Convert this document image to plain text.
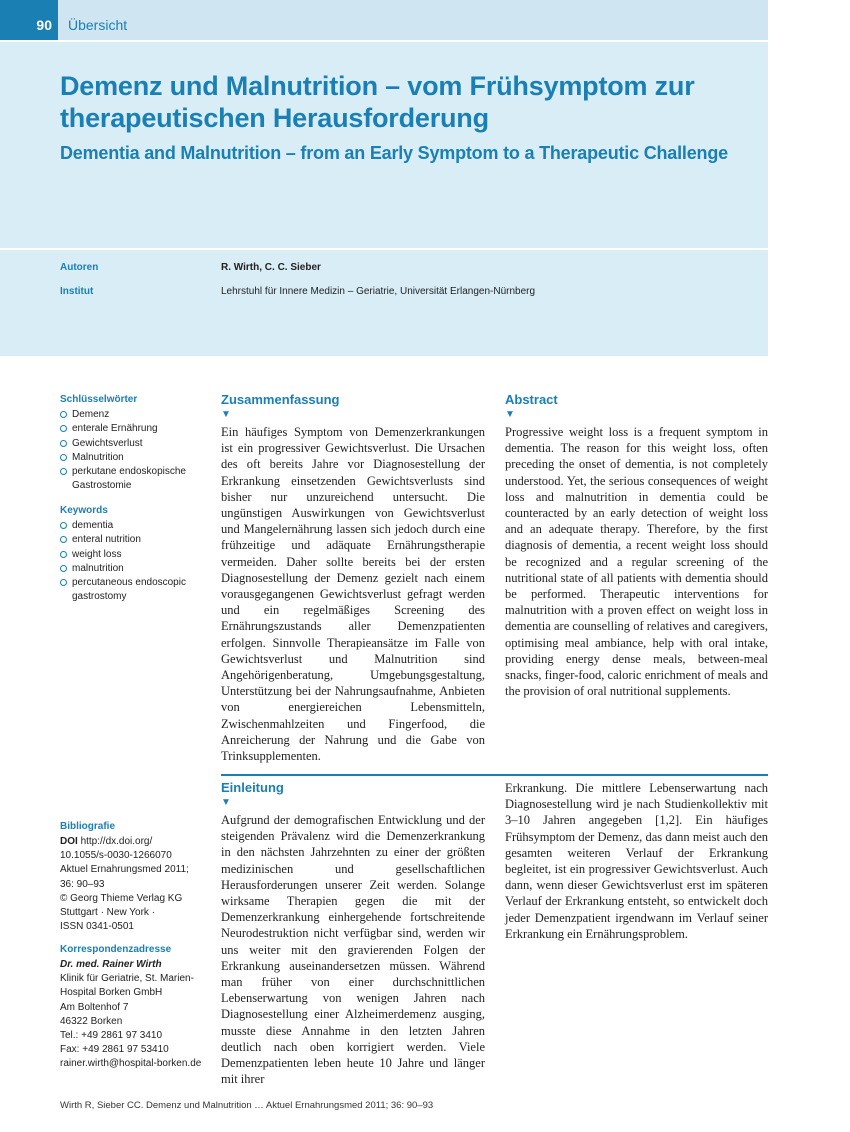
90	Übersicht
Demenz und Malnutrition – vom Frühsymptom zur therapeutischen Herausforderung
Dementia and Malnutrition – from an Early Symptom to a Therapeutic Challenge
Autoren	R. Wirth, C. C. Sieber
Institut	Lehrstuhl für Innere Medizin – Geriatrie, Universität Erlangen-Nürnberg
Schlüsselwörter
Demenz
enterale Ernährung
Gewichtsverlust
Malnutrition
perkutane endoskopische Gastrostomie
Keywords
dementia
enteral nutrition
weight loss
malnutrition
percutaneous endoscopic gastrostomy
Zusammenfassung
▼

Ein häufiges Symptom von Demenzerkrankungen ist ein progressiver Gewichtsverlust. Die Ursachen des oft bereits Jahre vor Diagnosestellung der Erkrankung einsetzenden Gewichtsverlusts sind bisher nur unzureichend untersucht. Die ungünstigen Auswirkungen von Gewichtsverlust und Mangelernährung lassen sich jedoch durch eine frühzeitige und adäquate Ernährungstherapie vermeiden. Daher sollte bereits bei der ersten Diagnosestellung der Demenz gezielt nach einem vorausgegangenen Gewichtsverlust gefragt werden und ein regelmäßiges Screening des Ernährungszustands aller Demenzpatienten erfolgen. Sinnvolle Therapieansätze im Falle von Gewichtsverlust und Malnutrition sind Angehörigenberatung, Umgebungsgestaltung, Unterstützung bei der Nahrungsaufnahme, Anbieten von energiereichen Lebensmitteln, Zwischenmahlzeiten und Fingerfood, die Anreicherung der Nahrung und die Gabe von Trinksupplementen.

Abstract
▼

Progressive weight loss is a frequent symptom in dementia. The reason for this weight loss, often preceding the onset of dementia, is not completely understood. Yet, the serious consequences of weight loss and malnutrition in dementia could be counteracted by an early detection of weight loss and an adequate therapy. Therefore, by the first diagnosis of dementia, a recent weight loss should be recognized and a regular screening of the nutritional state of all patients with dementia should be performed. Therapeutic interventions for malnutrition with a proven effect on weight loss in dementia are counselling of relatives and caregivers, optimising meal ambiance, help with oral intake, providing energy dense meals, between-meal snacks, finger-food, caloric enrichment of meals and the provision of oral nutritional supplements.

Einleitung
▼

Aufgrund der demografischen Entwicklung und der steigenden Prävalenz wird die Demenzerkrankung in den nächsten Jahrzehnten zu einer der größten medizinischen und gesellschaftlichen Herausforderungen unserer Zeit werden. Solange wirksame Therapien gegen die mit der Demenzerkrankung einhergehende fortschreitende Neurodestruktion nicht verfügbar sind, werden wir uns weiter mit den gravierenden Folgen der Erkrankung auseinandersetzen müssen. Während man früher von einer durchschnittlichen Lebenserwartung von wenigen Jahren nach Diagnosestellung einer Alzheimerdemenz ausging, musste diese Annahme in den letzten Jahren deutlich nach oben korrigiert werden. Viele Demenzpatienten leben heute 10 Jahre und länger mit ihrer

Erkrankung. Die mittlere Lebenserwartung nach Diagnosestellung wird je nach Studienkollektiv mit 3–10 Jahren angegeben [1,2]. Ein häufiges Frühsymptom der Demenz, das dann meist auch den gesamten weiteren Verlauf der Erkrankung begleitet, ist ein progressiver Gewichtsverlust. Auch dann, wenn dieser Gewichtsverlust erst im späteren Verlauf der Erkrankung entsteht, so entwickelt doch jeder Demenzpatient irgendwann im Verlauf seiner Erkrankung ein Ernährungsproblem.

Bibliografie
DOI http://dx.doi.org/
10.1055/s-0030-1266070
Aktuel Ernahrungsmed 2011;
36: 90–93
© Georg Thieme Verlag KG
Stuttgart · New York ·
ISSN 0341-0501
Korrespondenzadresse
Dr. med. Rainer Wirth
Klinik für Geriatrie, St. Marien-
Hospital Borken GmbH
Am Boltenhof 7
46322 Borken
Tel.: +49 2861 97 3410
Fax: +49 2861 97 53410
rainer.wirth@hospital-borken.de
Wirth R, Sieber CC. Demenz und Malnutrition … Aktuel Ernahrungsmed 2011; 36: 90–93
